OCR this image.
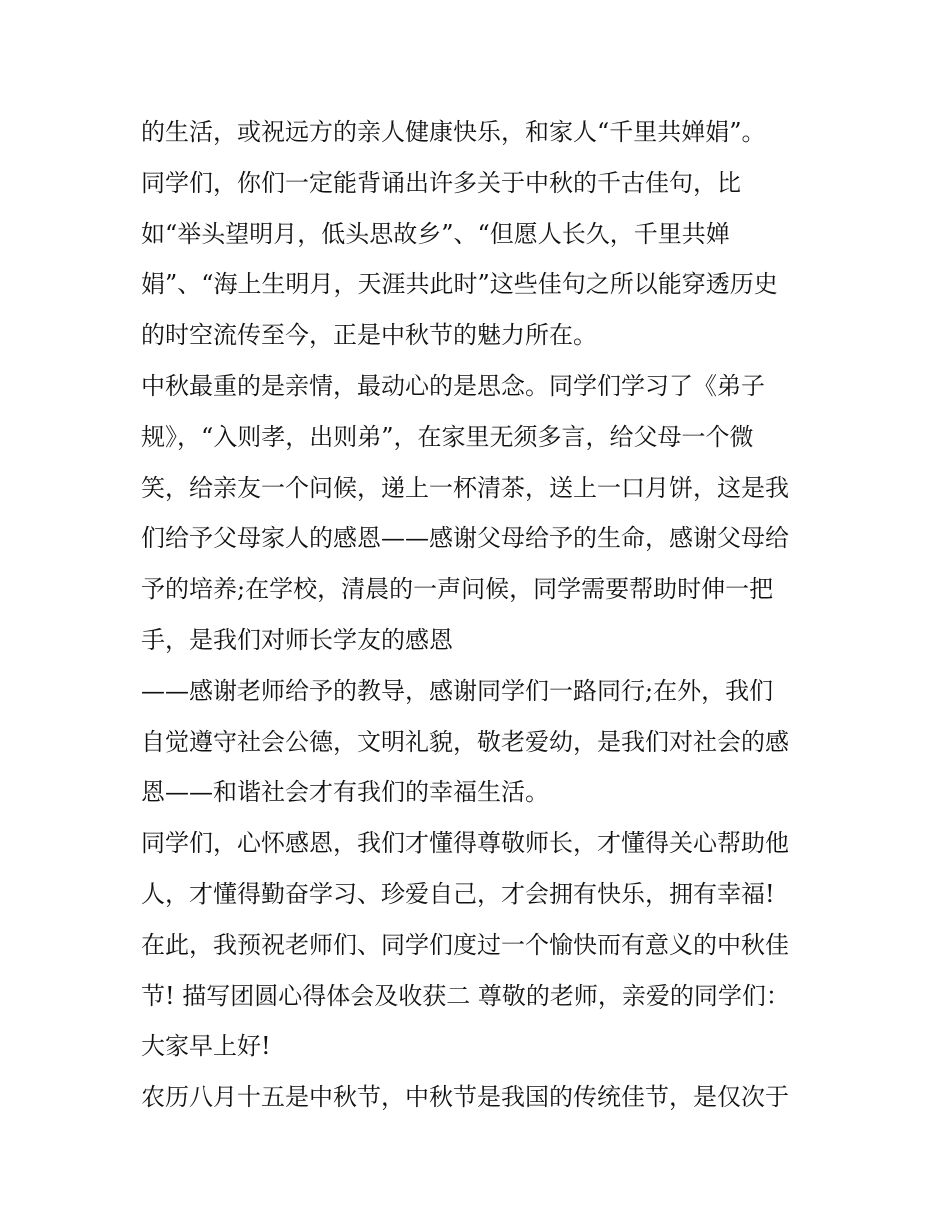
的生活，或祝远方的亲人健康快乐，和家人“千里共婵娟”。
同学们，你们一定能背诵出许多关于中秋的千古佳句，比
如“举头望明月，低头思故乡”、“但愿人长久，千里共婵
娟”、“海上生明月，天涯共此时”这些佳句之所以能穿透历史
的时空流传至今，正是中秋节的魅力所在。
中秋最重的是亲情，最动心的是思念。同学们学习了《弟子
规》，“入则孝，出则弟”，在家里无须多言，给父母一个微
笑，给亲友一个问候，递上一杯清茶，送上一口月饼，这是我
们给予父母家人的感恩——感谢父母给予的生命，感谢父母给
予的培养;在学校，清晨的一声问候，同学需要帮助时伸一把
手，是我们对师长学友的感恩
——感谢老师给予的教导，感谢同学们一路同行;在外，我们
自觉遵守社会公德，文明礼貌，敬老爱幼，是我们对社会的感
恩——和谐社会才有我们的幸福生活。
同学们，心怀感恩，我们才懂得尊敬师长，才懂得关心帮助他
人，才懂得勤奋学习、珍爱自己，才会拥有快乐，拥有幸福!
在此，我预祝老师们、同学们度过一个愉快而有意义的中秋佳
节! 描写团圆心得体会及收获二 尊敬的老师，亲爱的同学们：
大家早上好!
农历八月十五是中秋节，中秋节是我国的传统佳节，是仅次于
